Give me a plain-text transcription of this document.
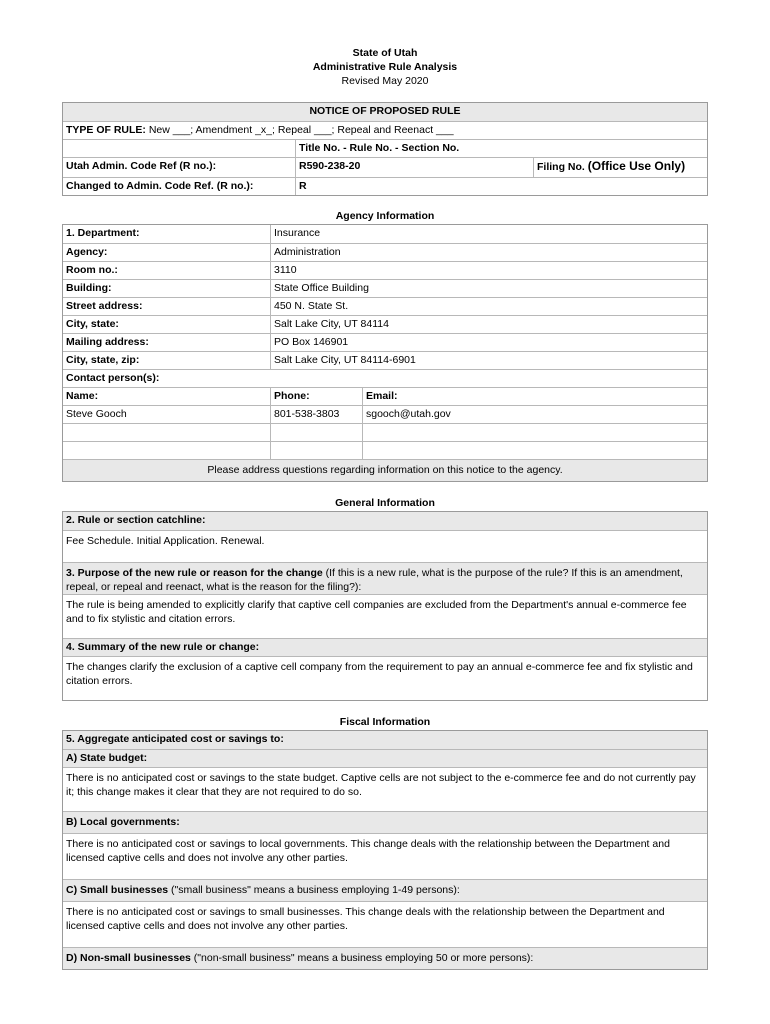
State of Utah
Administrative Rule Analysis
Revised May 2020
NOTICE OF PROPOSED RULE
TYPE OF RULE: New ___; Amendment _x_; Repeal ___; Repeal and Reenact ___
Title No. - Rule No. - Section No.
Utah Admin. Code Ref (R no.):	R590-238-20	Filing No. (Office Use Only)
Changed to Admin. Code Ref. (R no.):	R
Agency Information
1. Department:	Insurance
Agency:	Administration
Room no.:	3110
Building:	State Office Building
Street address:	450 N. State St.
City, state:	Salt Lake City, UT 84114
Mailing address:	PO Box 146901
City, state, zip:	Salt Lake City, UT 84114-6901
Contact person(s):
Name:	Phone:	Email:
Steve Gooch	801-538-3803	sgooch@utah.gov
Please address questions regarding information on this notice to the agency.
General Information
2. Rule or section catchline:
Fee Schedule. Initial Application. Renewal.
3. Purpose of the new rule or reason for the change (If this is a new rule, what is the purpose of the rule? If this is an amendment, repeal, or repeal and reenact, what is the reason for the filing?):
The rule is being amended to explicitly clarify that captive cell companies are excluded from the Department's annual e-commerce fee and to fix stylistic and citation errors.
4. Summary of the new rule or change:
The changes clarify the exclusion of a captive cell company from the requirement to pay an annual e-commerce fee and fix stylistic and citation errors.
Fiscal Information
5. Aggregate anticipated cost or savings to:
A) State budget:
There is no anticipated cost or savings to the state budget. Captive cells are not subject to the e-commerce fee and do not currently pay it; this change makes it clear that they are not required to do so.
B) Local governments:
There is no anticipated cost or savings to local governments. This change deals with the relationship between the Department and licensed captive cells and does not involve any other parties.
C) Small businesses ("small business" means a business employing 1-49 persons):
There is no anticipated cost or savings to small businesses. This change deals with the relationship between the Department and licensed captive cells and does not involve any other parties.
D) Non-small businesses ("non-small business" means a business employing 50 or more persons):
